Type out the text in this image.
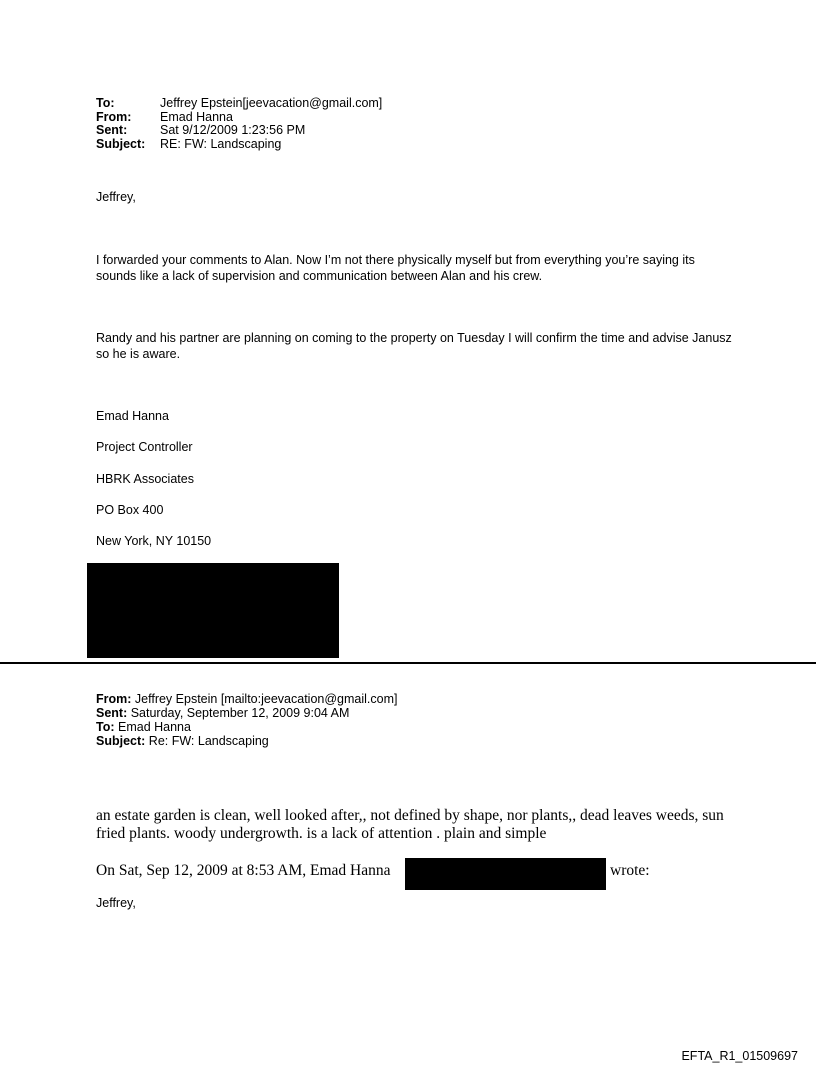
To:	Jeffrey Epstein[jeevacation@gmail.com]
From:	Emad Hanna
Sent:	Sat 9/12/2009 1:23:56 PM
Subject:	RE: FW: Landscaping
Jeffrey,
I forwarded your comments to Alan. Now I’m not there physically myself but from everything you’re saying its sounds like a lack of supervision and communication between Alan and his crew.
Randy and his partner are planning on coming to the property on Tuesday I will confirm the time and advise Janusz so he is aware.
Emad Hanna
Project Controller
HBRK Associates
PO Box 400
New York, NY 10150
From: Jeffrey Epstein [mailto:jeevacation@gmail.com]
Sent: Saturday, September 12, 2009 9:04 AM
To: Emad Hanna
Subject: Re: FW: Landscaping
an estate garden is clean, well looked after,, not defined by shape, nor plants,, dead leaves weeds, sun fried plants. woody undergrowth. is a lack of attention . plain and simple
On Sat, Sep 12, 2009 at 8:53 AM, Emad Hanna	wrote:
Jeffrey,
EFTA_R1_01509697
